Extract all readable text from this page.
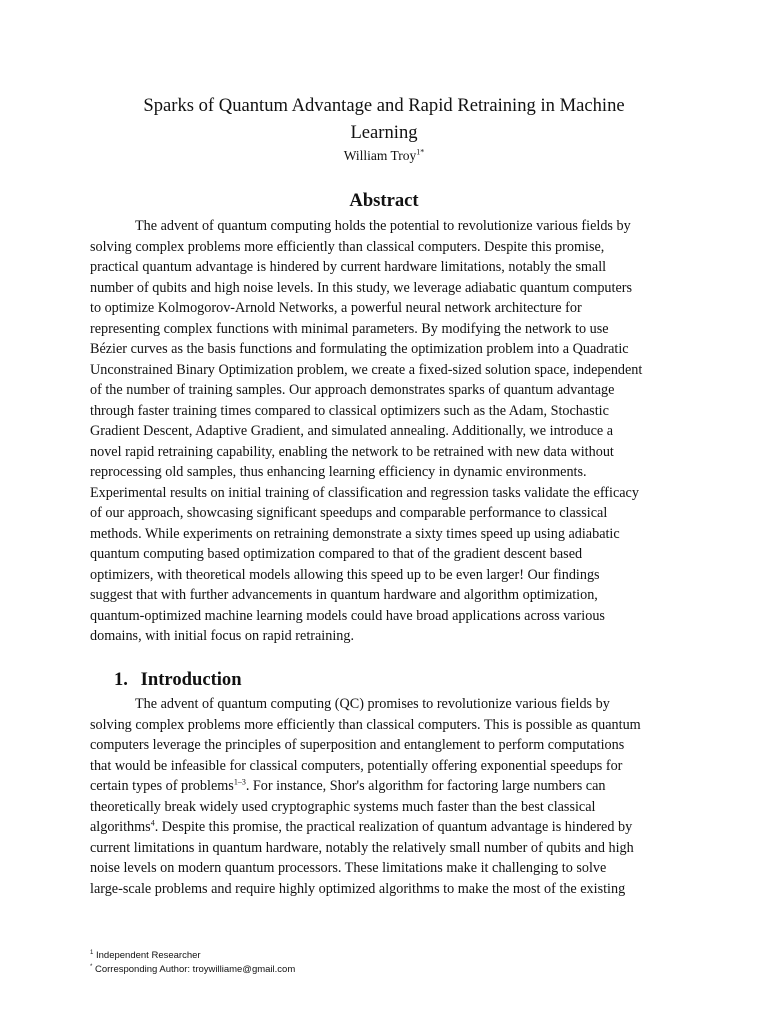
Sparks of Quantum Advantage and Rapid Retraining in Machine
Learning
William Troy$^{1*}$
Abstract
The advent of quantum computing holds the potential to revolutionize various fields by
solving complex problems more efficiently than classical computers. Despite this promise,
practical quantum advantage is hindered by current hardware limitations, notably the small
number of qubits and high noise levels. In this study, we leverage adiabatic quantum computers
to optimize Kolmogorov-Arnold Networks, a powerful neural network architecture for
representing complex functions with minimal parameters. By modifying the network to use
Bézier curves as the basis functions and formulating the optimization problem into a Quadratic
Unconstrained Binary Optimization problem, we create a fixed-sized solution space, independent
of the number of training samples. Our approach demonstrates sparks of quantum advantage
through faster training times compared to classical optimizers such as the Adam, Stochastic
Gradient Descent, Adaptive Gradient, and simulated annealing. Additionally, we introduce a
novel rapid retraining capability, enabling the network to be retrained with new data without
reprocessing old samples, thus enhancing learning efficiency in dynamic environments.
Experimental results on initial training of classification and regression tasks validate the efficacy
of our approach, showcasing significant speedups and comparable performance to classical
methods. While experiments on retraining demonstrate a sixty times speed up using adiabatic
quantum computing based optimization compared to that of the gradient descent based
optimizers, with theoretical models allowing this speed up to be even larger! Our findings
suggest that with further advancements in quantum hardware and algorithm optimization,
quantum-optimized machine learning models could have broad applications across various
domains, with initial focus on rapid retraining.
1. Introduction
The advent of quantum computing (QC) promises to revolutionize various fields by
solving complex problems more efficiently than classical computers. This is possible as quantum
computers leverage the principles of superposition and entanglement to perform computations
that would be infeasible for classical computers, potentially offering exponential speedups for
certain types of problems$^{1-3}$. For instance, Shor's algorithm for factoring large numbers can
theoretically break widely used cryptographic systems much faster than the best classical
algorithms$^4$. Despite this promise, the practical realization of quantum advantage is hindered by
current limitations in quantum hardware, notably the relatively small number of qubits and high
noise levels on modern quantum processors. These limitations make it challenging to solve
large-scale problems and require highly optimized algorithms to make the most of the existing
$^1$ Independent Researcher
* Corresponding Author: troywilliame@gmail.com
